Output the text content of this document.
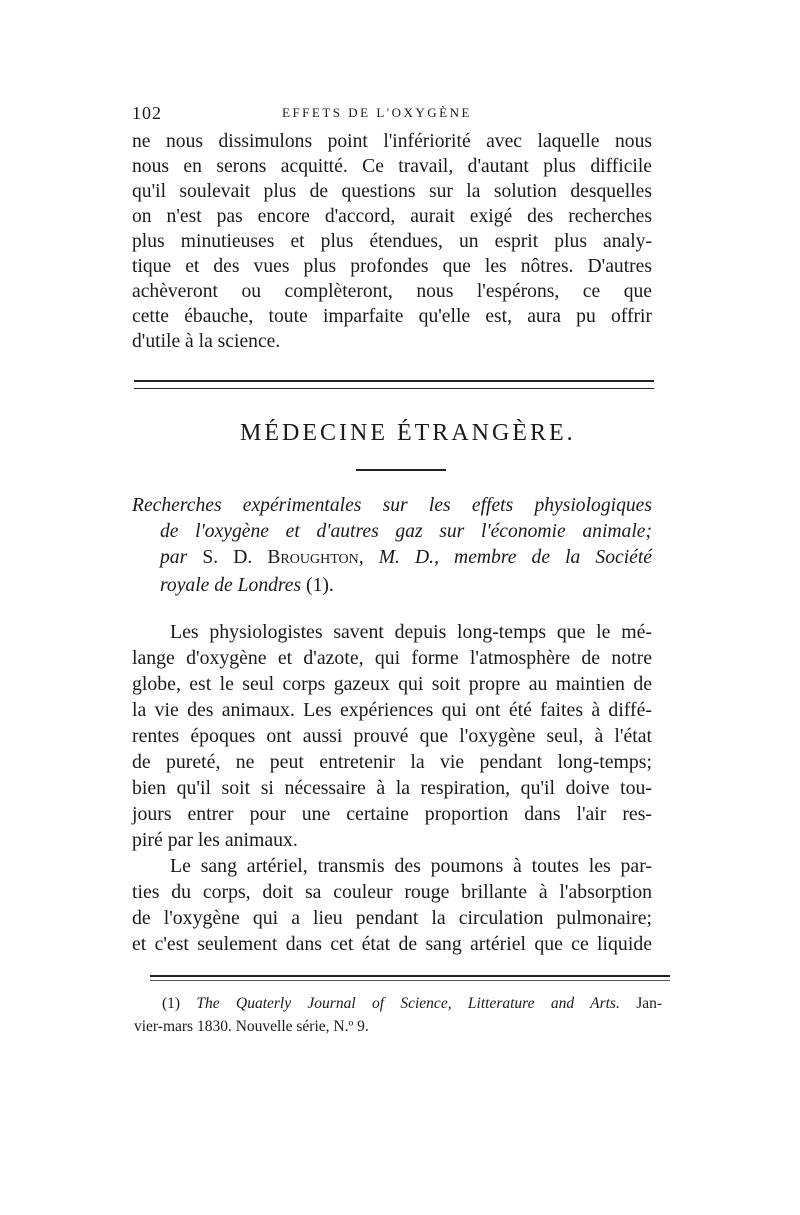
102	EFFETS DE L'OXYGÈNE
ne nous dissimulons point l'infériorité avec laquelle nous
nous en serons acquitté. Ce travail, d'autant plus difficile
qu'il soulevait plus de questions sur la solution desquelles
on n'est pas encore d'accord, aurait exigé des recherches
plus minutieuses et plus étendues, un esprit plus analy-
tique et des vues plus profondes que les nôtres. D'autres
achèveront ou complèteront, nous l'espérons, ce que
cette ébauche, toute imparfaite qu'elle est, aura pu offrir
d'utile à la science.
MÉDECINE ÉTRANGÈRE.
Recherches expérimentales sur les effets physiologiques
de l'oxygène et d'autres gaz sur l'économie animale;
par S. D. Broughton, M. D., membre de la Société
royale de Londres (1).
Les physiologistes savent depuis long-temps que le mé-
lange d'oxygène et d'azote, qui forme l'atmosphère de notre
globe, est le seul corps gazeux qui soit propre au maintien de
la vie des animaux. Les expériences qui ont été faites à diffé-
rentes époques ont aussi prouvé que l'oxygène seul, à l'état
de pureté, ne peut entretenir la vie pendant long-temps;
bien qu'il soit si nécessaire à la respiration, qu'il doive tou-
jours entrer pour une certaine proportion dans l'air res-
piré par les animaux.
Le sang artériel, transmis des poumons à toutes les par-
ties du corps, doit sa couleur rouge brillante à l'absorption
de l'oxygène qui a lieu pendant la circulation pulmonaire;
et c'est seulement dans cet état de sang artériel que ce liquide
(1) The Quaterly Journal of Science, Litterature and Arts. Jan-
vier-mars 1830. Nouvelle série, N.º 9.
